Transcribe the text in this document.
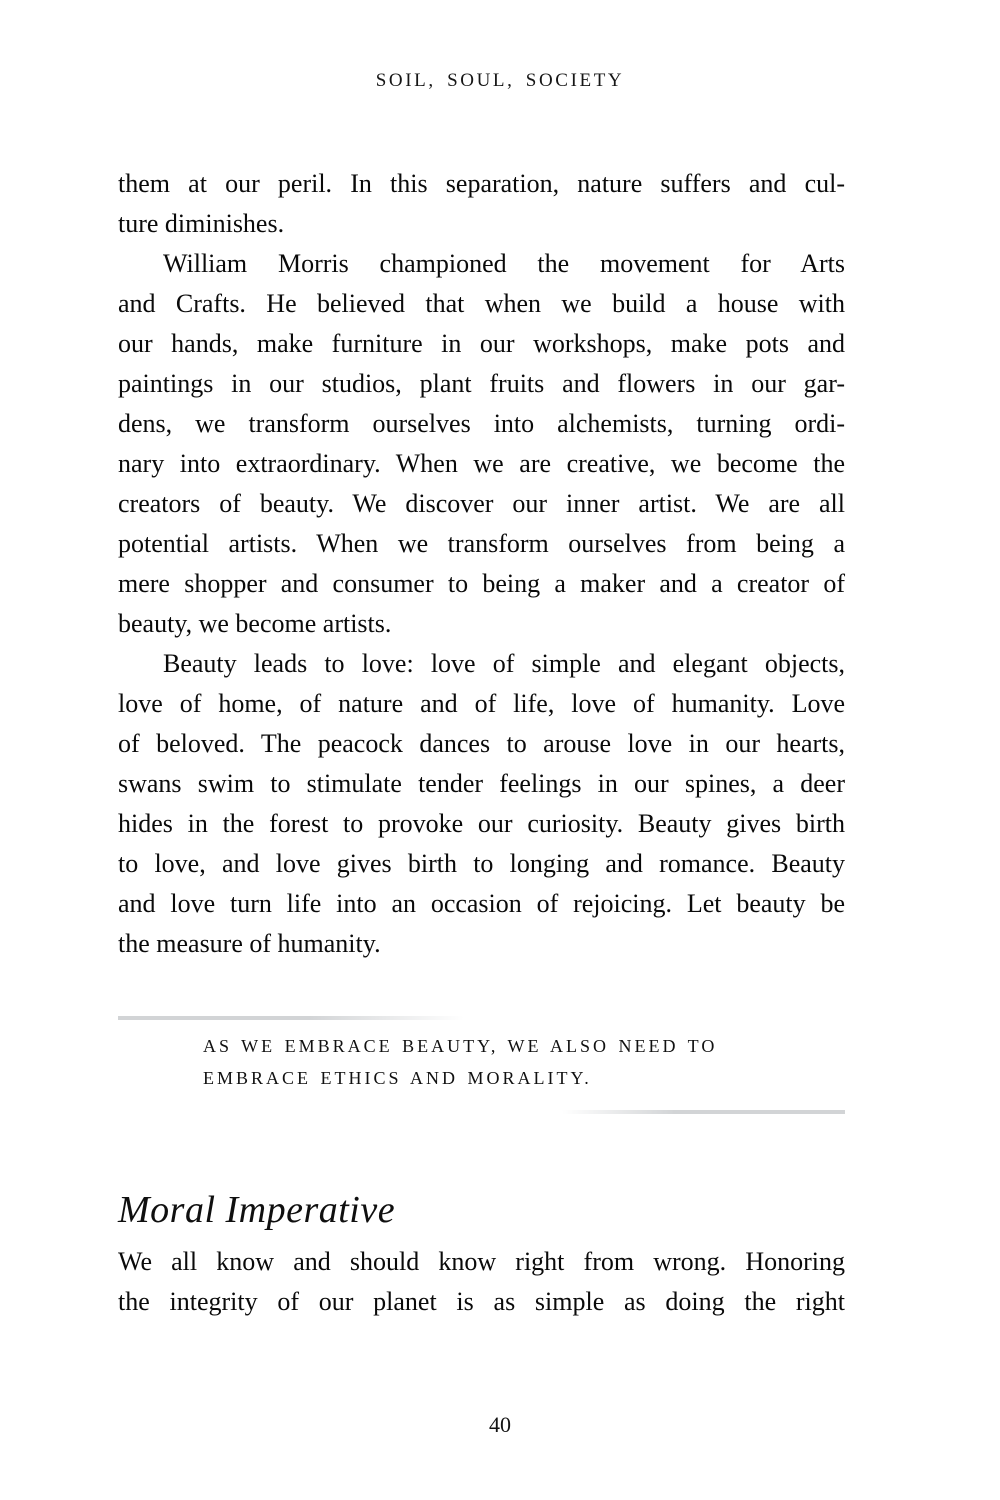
SOIL, SOUL, SOCIETY
them at our peril. In this separation, nature suffers and cul-
ture diminishes.
William Morris championed the movement for Arts
and Crafts. He believed that when we build a house with
our hands, make furniture in our workshops, make pots and
paintings in our studios, plant fruits and flowers in our gar-
dens, we transform ourselves into alchemists, turning ordi-
nary into extraordinary. When we are creative, we become the
creators of beauty. We discover our inner artist. We are all
potential artists. When we transform ourselves from being a
mere shopper and consumer to being a maker and a creator of
beauty, we become artists.
Beauty leads to love: love of simple and elegant objects,
love of home, of nature and of life, love of humanity. Love
of beloved. The peacock dances to arouse love in our hearts,
swans swim to stimulate tender feelings in our spines, a deer
hides in the forest to provoke our curiosity. Beauty gives birth
to love, and love gives birth to longing and romance. Beauty
and love turn life into an occasion of rejoicing. Let beauty be
the measure of humanity.
AS WE EMBRACE BEAUTY, WE ALSO NEED TO
EMBRACE ETHICS AND MORALITY.
Moral Imperative
We all know and should know right from wrong. Honoring
the integrity of our planet is as simple as doing the right
40
